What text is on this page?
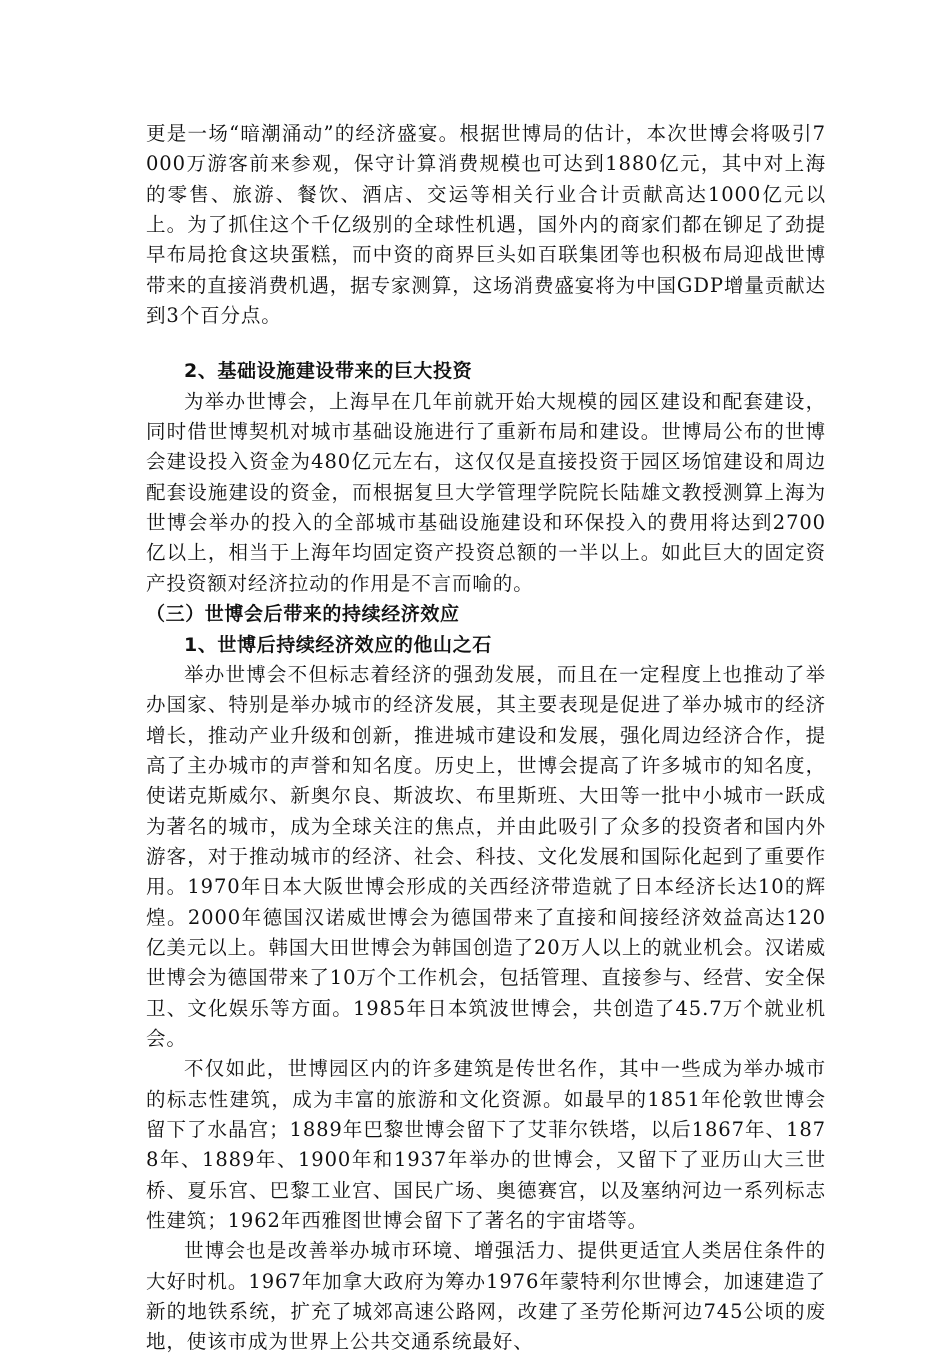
更是一场“暗潮涌动”的经济盛宴。根据世博局的估计，本次世博会将吸引7000万游客前来参观，保守计算消费规模也可达到1880亿元，其中对上海的零售、旅游、餐饮、酒店、交运等相关行业合计贡献高达1000亿元以上。为了抓住这个千亿级别的全球性机遇，国外内的商家们都在铆足了劲提早布局抢食这块蛋糕，而中资的商界巨头如百联集团等也积极布局迎战世博带来的直接消费机遇，据专家测算，这场消费盛宴将为中国GDP增量贡献达到3个百分点。

2、基础设施建设带来的巨大投资

为举办世博会，上海早在几年前就开始大规模的园区建设和配套建设，同时借世博契机对城市基础设施进行了重新布局和建设。世博局公布的世博会建设投入资金为480亿元左右，这仅仅是直接投资于园区场馆建设和周边配套设施建设的资金，而根据复旦大学管理学院院长陆雄文教授测算上海为世博会举办的投入的全部城市基础设施建设和环保投入的费用将达到2700亿以上，相当于上海年均固定资产投资总额的一半以上。如此巨大的固定资产投资额对经济拉动的作用是不言而喻的。

（三）世博会后带来的持续经济效应

1、世博后持续经济效应的他山之石

举办世博会不但标志着经济的强劲发展，而且在一定程度上也推动了举办国家、特别是举办城市的经济发展，其主要表现是促进了举办城市的经济增长，推动产业升级和创新，推进城市建设和发展，强化周边经济合作，提高了主办城市的声誉和知名度。历史上，世博会提高了许多城市的知名度，使诺克斯威尔、新奥尔良、斯波坎、布里斯班、大田等一批中小城市一跃成为著名的城市，成为全球关注的焦点，并由此吸引了众多的投资者和国内外游客，对于推动城市的经济、社会、科技、文化发展和国际化起到了重要作用。1970年日本大阪世博会形成的关西经济带造就了日本经济长达10的辉煌。2000年德国汉诺威世博会为德国带来了直接和间接经济效益高达120亿美元以上。韩国大田世博会为韩国创造了20万人以上的就业机会。汉诺威世博会为德国带来了10万个工作机会，包括管理、直接参与、经营、安全保卫、文化娱乐等方面。1985年日本筑波世博会，共创造了45.7万个就业机会。

不仅如此，世博园区内的许多建筑是传世名作，其中一些成为举办城市的标志性建筑，成为丰富的旅游和文化资源。如最早的1851年伦敦世博会留下了水晶宫；1889年巴黎世博会留下了艾菲尔铁塔，以后1867年、1878年、1889年、1900年和1937年举办的世博会，又留下了亚历山大三世桥、夏乐宫、巴黎工业宫、国民广场、奥德赛宫，以及塞纳河边一系列标志性建筑；1962年西雅图世博会留下了著名的宇宙塔等。

世博会也是改善举办城市环境、增强活力、提供更适宜人类居住条件的大好时机。1967年加拿大政府为筹办1976年蒙特利尔世博会，加速建造了新的地铁系统，扩充了城郊高速公路网，改建了圣劳伦斯河边745公顷的废地，使该市成为世界上公共交通系统最好、
